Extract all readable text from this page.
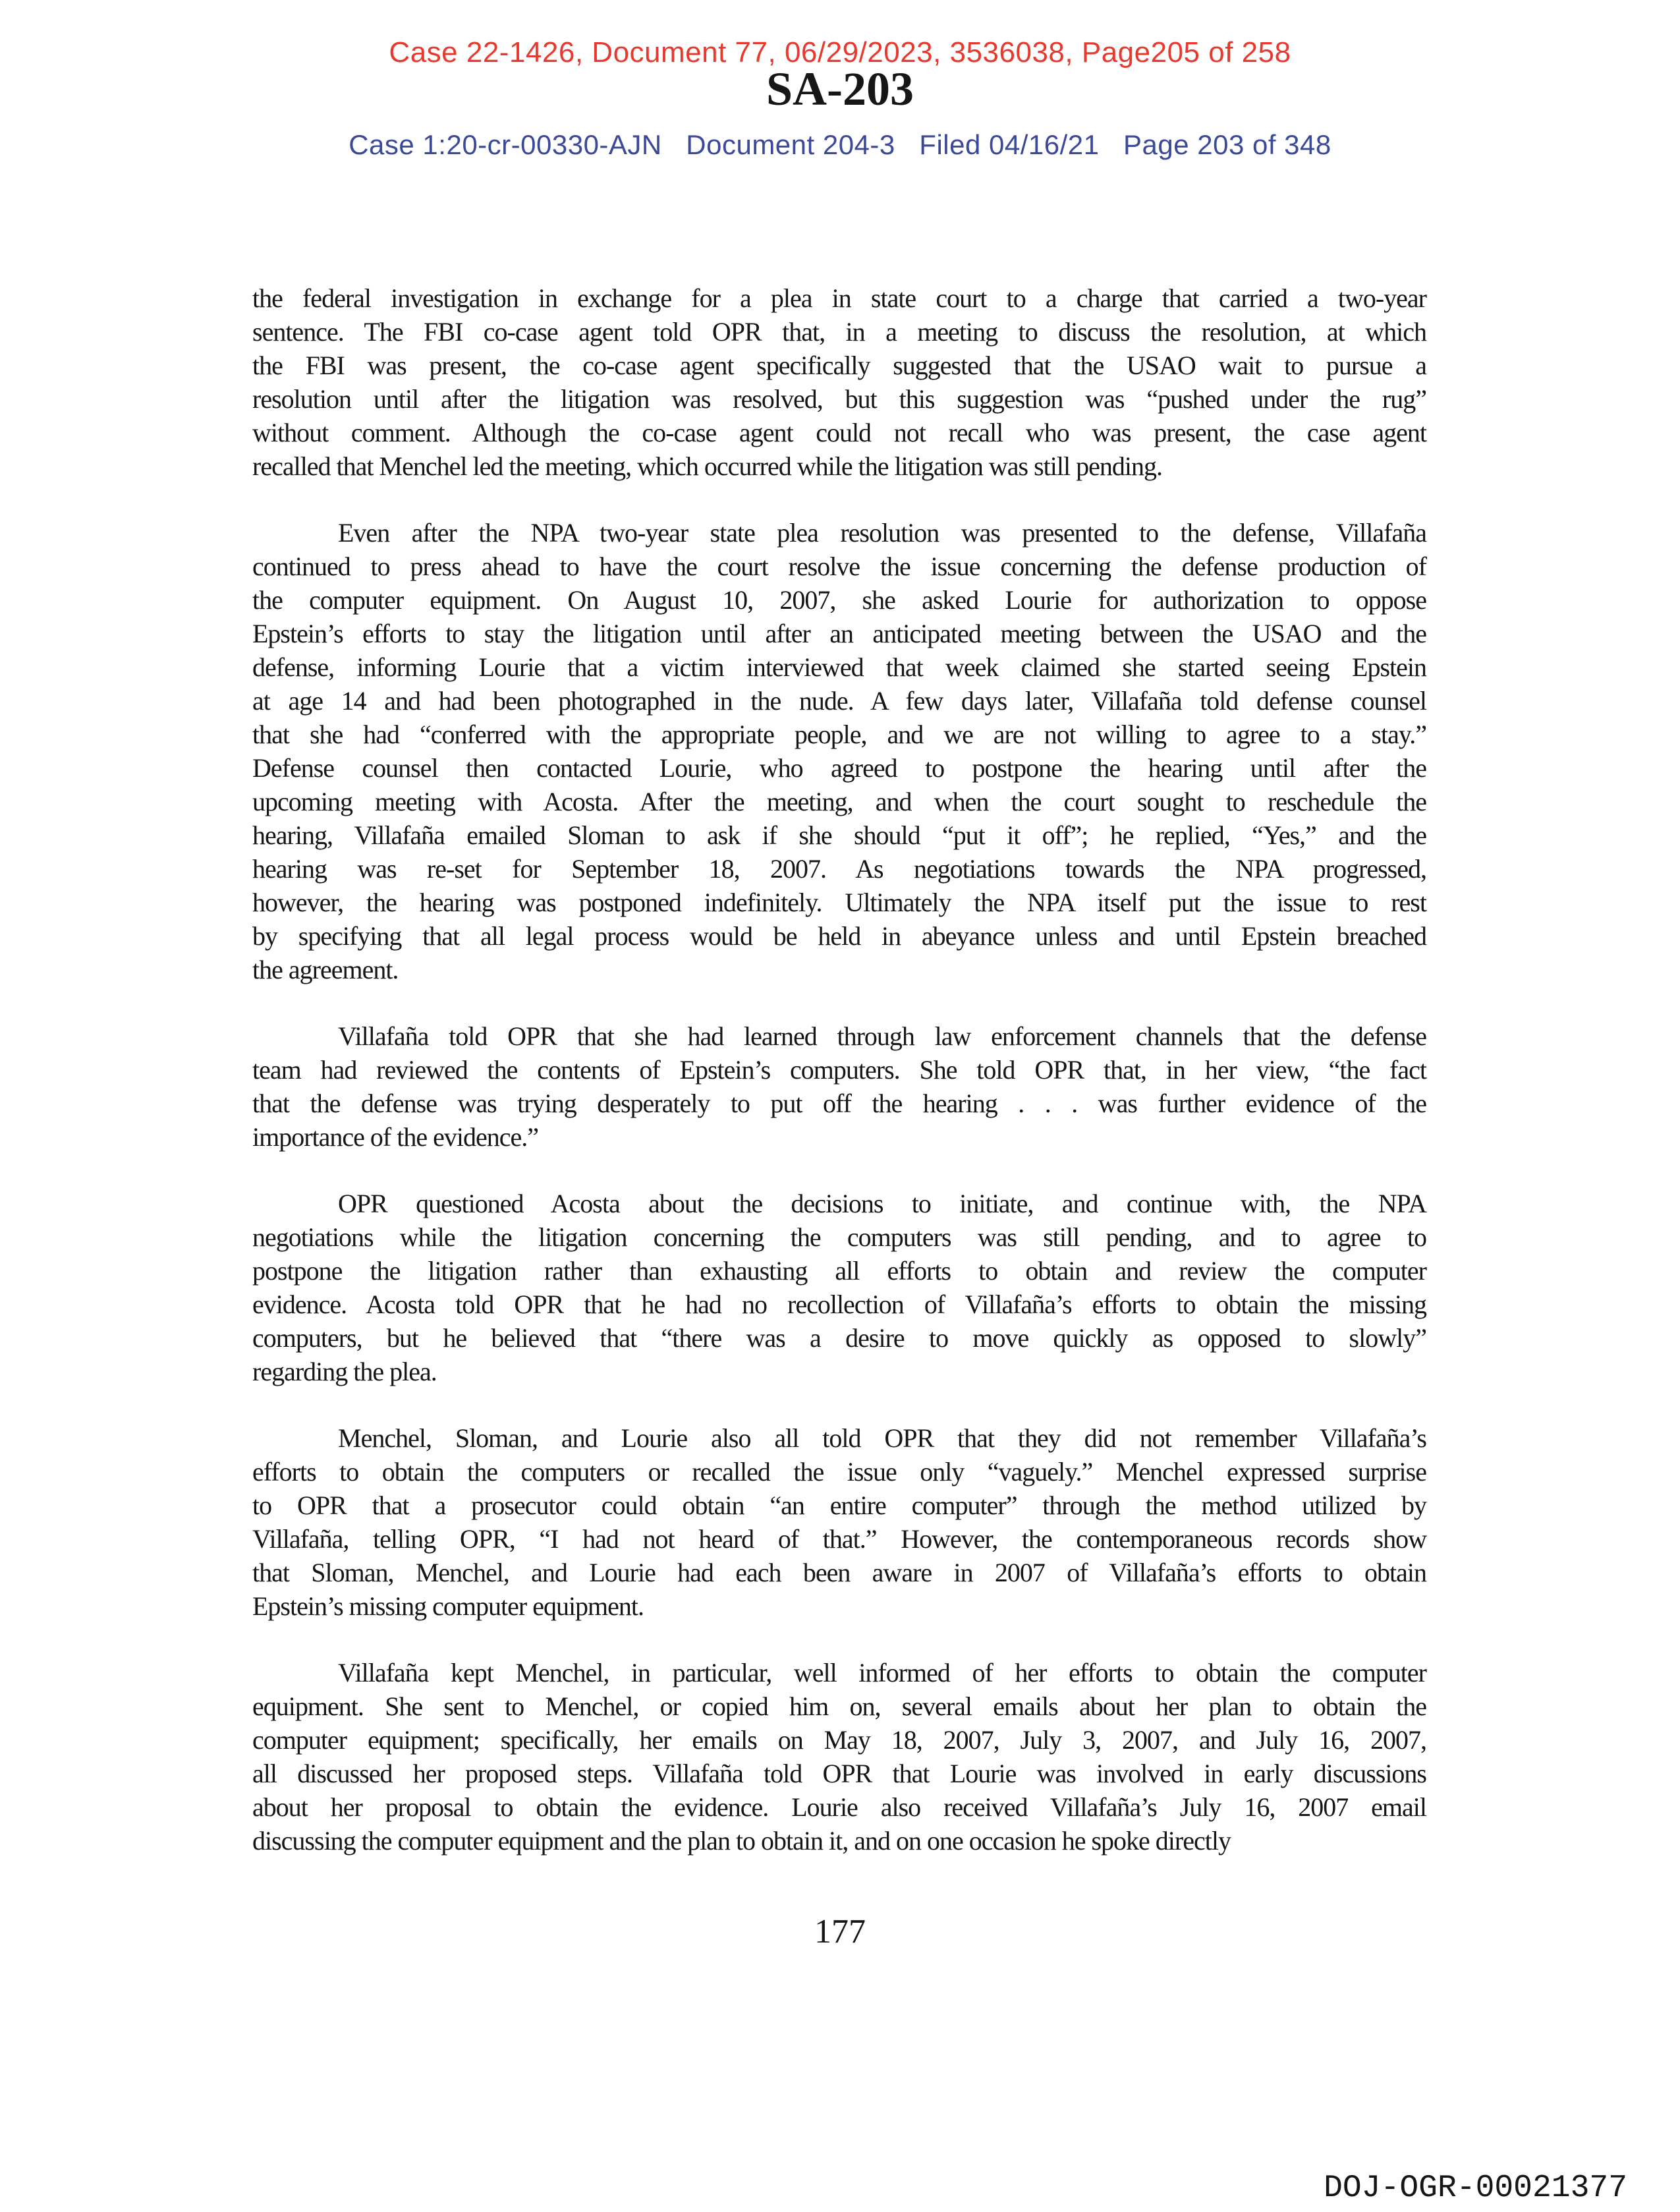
Case 22-1426, Document 77, 06/29/2023, 3536038, Page205 of 258
SA-203
Case 1:20-cr-00330-AJN   Document 204-3   Filed 04/16/21   Page 203 of 348
the federal investigation in exchange for a plea in state court to a charge that carried a two-year
sentence. The FBI co-case agent told OPR that, in a meeting to discuss the resolution, at which
the FBI was present, the co-case agent specifically suggested that the USAO wait to pursue a
resolution until after the litigation was resolved, but this suggestion was “pushed under the rug”
without comment. Although the co-case agent could not recall who was present, the case agent
recalled that Menchel led the meeting, which occurred while the litigation was still pending.
Even after the NPA two-year state plea resolution was presented to the defense, Villafaña
continued to press ahead to have the court resolve the issue concerning the defense production of
the computer equipment. On August 10, 2007, she asked Lourie for authorization to oppose
Epstein’s efforts to stay the litigation until after an anticipated meeting between the USAO and the
defense, informing Lourie that a victim interviewed that week claimed she started seeing Epstein
at age 14 and had been photographed in the nude. A few days later, Villafaña told defense counsel
that she had “conferred with the appropriate people, and we are not willing to agree to a stay.”
Defense counsel then contacted Lourie, who agreed to postpone the hearing until after the
upcoming meeting with Acosta. After the meeting, and when the court sought to reschedule the
hearing, Villafaña emailed Sloman to ask if she should “put it off”; he replied, “Yes,” and the
hearing was re-set for September 18, 2007. As negotiations towards the NPA progressed,
however, the hearing was postponed indefinitely. Ultimately the NPA itself put the issue to rest
by specifying that all legal process would be held in abeyance unless and until Epstein breached
the agreement.
Villafaña told OPR that she had learned through law enforcement channels that the defense
team had reviewed the contents of Epstein’s computers. She told OPR that, in her view, “the fact
that the defense was trying desperately to put off the hearing . . . was further evidence of the
importance of the evidence.”
OPR questioned Acosta about the decisions to initiate, and continue with, the NPA
negotiations while the litigation concerning the computers was still pending, and to agree to
postpone the litigation rather than exhausting all efforts to obtain and review the computer
evidence. Acosta told OPR that he had no recollection of Villafaña’s efforts to obtain the missing
computers, but he believed that “there was a desire to move quickly as opposed to slowly”
regarding the plea.
Menchel, Sloman, and Lourie also all told OPR that they did not remember Villafaña’s
efforts to obtain the computers or recalled the issue only “vaguely.” Menchel expressed surprise
to OPR that a prosecutor could obtain “an entire computer” through the method utilized by
Villafaña, telling OPR, “I had not heard of that.” However, the contemporaneous records show
that Sloman, Menchel, and Lourie had each been aware in 2007 of Villafaña’s efforts to obtain
Epstein’s missing computer equipment.
Villafaña kept Menchel, in particular, well informed of her efforts to obtain the computer
equipment. She sent to Menchel, or copied him on, several emails about her plan to obtain the
computer equipment; specifically, her emails on May 18, 2007, July 3, 2007, and July 16, 2007,
all discussed her proposed steps. Villafaña told OPR that Lourie was involved in early discussions
about her proposal to obtain the evidence. Lourie also received Villafaña’s July 16, 2007 email
discussing the computer equipment and the plan to obtain it, and on one occasion he spoke directly
177
DOJ-OGR-00021377
